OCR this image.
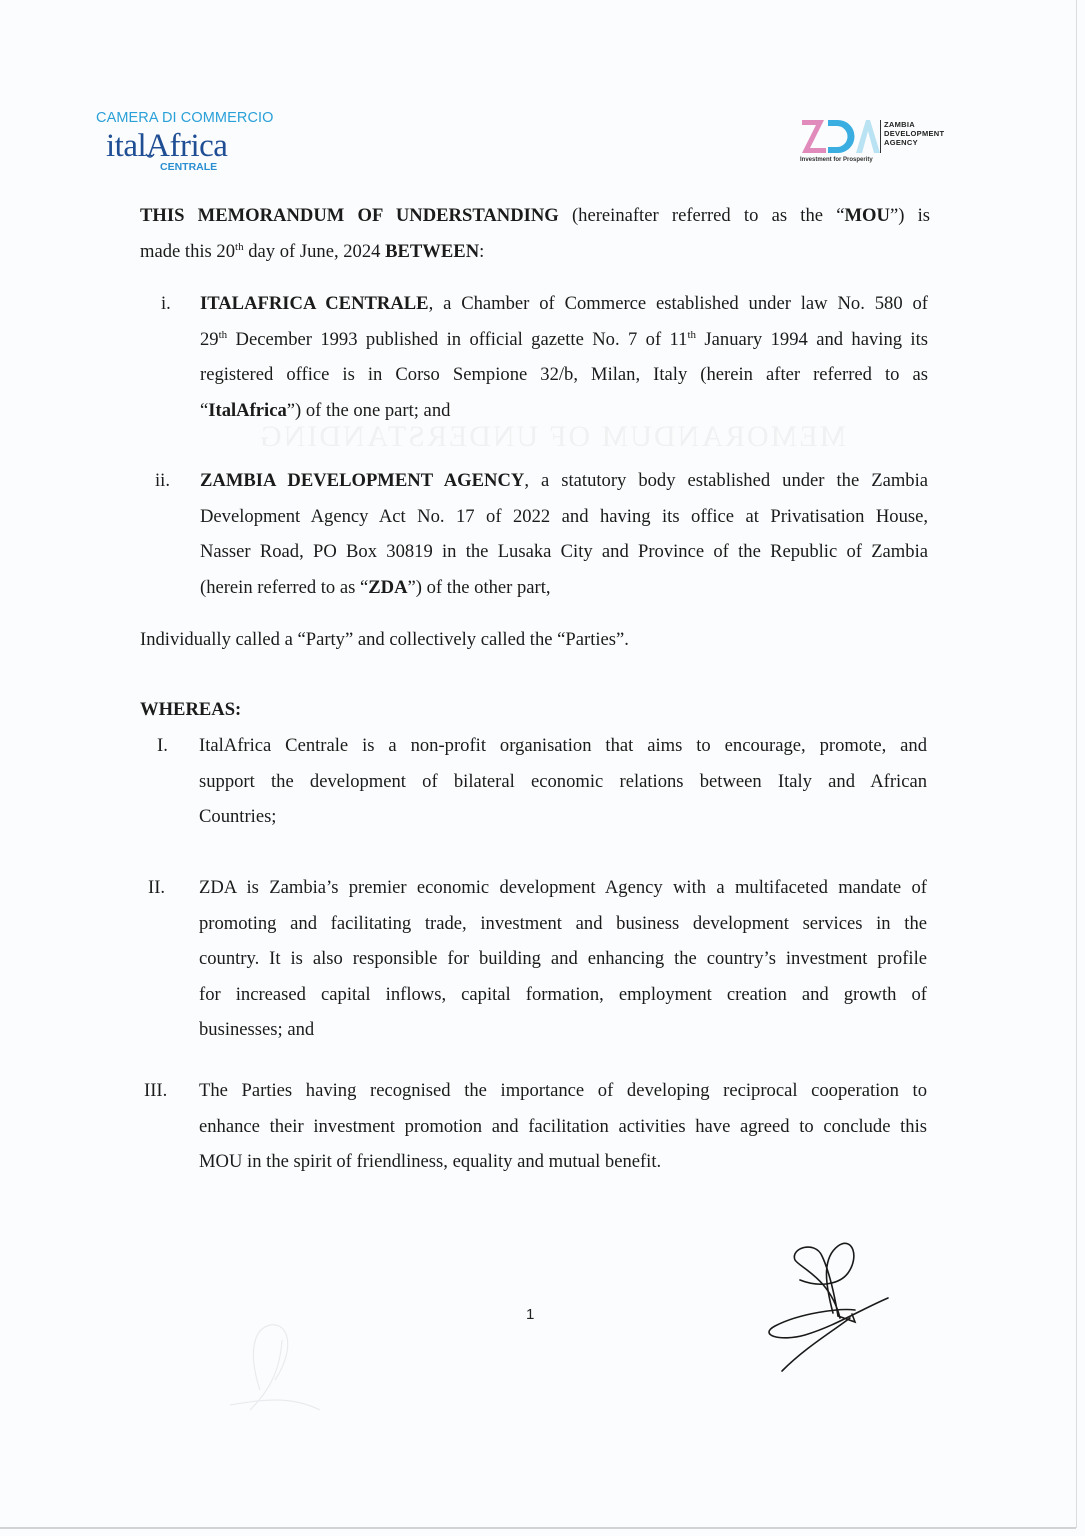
CAMERA DI COMMERCIO
italAfrica
CENTRALE
ZAMBIA
DEVELOPMENT
AGENCY
Investment for Prosperity
THIS MEMORANDUM OF UNDERSTANDING (hereinafter referred to as the “MOU”) is
made this 20th day of June, 2024 BETWEEN:
i. ITALAFRICA CENTRALE, a Chamber of Commerce established under law No. 580 of
29th December 1993 published in official gazette No. 7 of 11th January 1994 and having its
registered office is in Corso Sempione 32/b, Milan, Italy (herein after referred to as
“ItalAfrica”) of the one part; and
ii. ZAMBIA DEVELOPMENT AGENCY, a statutory body established under the Zambia
Development Agency Act No. 17 of 2022 and having its office at Privatisation House,
Nasser Road, PO Box 30819 in the Lusaka City and Province of the Republic of Zambia
(herein referred to as “ZDA”) of the other part,
Individually called a “Party” and collectively called the “Parties”.
WHEREAS:
I. ItalAfrica Centrale is a non-profit organisation that aims to encourage, promote, and
support the development of bilateral economic relations between Italy and African
Countries;
II. ZDA is Zambia’s premier economic development Agency with a multifaceted mandate of
promoting and facilitating trade, investment and business development services in the
country. It is also responsible for building and enhancing the country’s investment profile
for increased capital inflows, capital formation, employment creation and growth of
businesses; and
III. The Parties having recognised the importance of developing reciprocal cooperation to
enhance their investment promotion and facilitation activities have agreed to conclude this
MOU in the spirit of friendliness, equality and mutual benefit.
1
